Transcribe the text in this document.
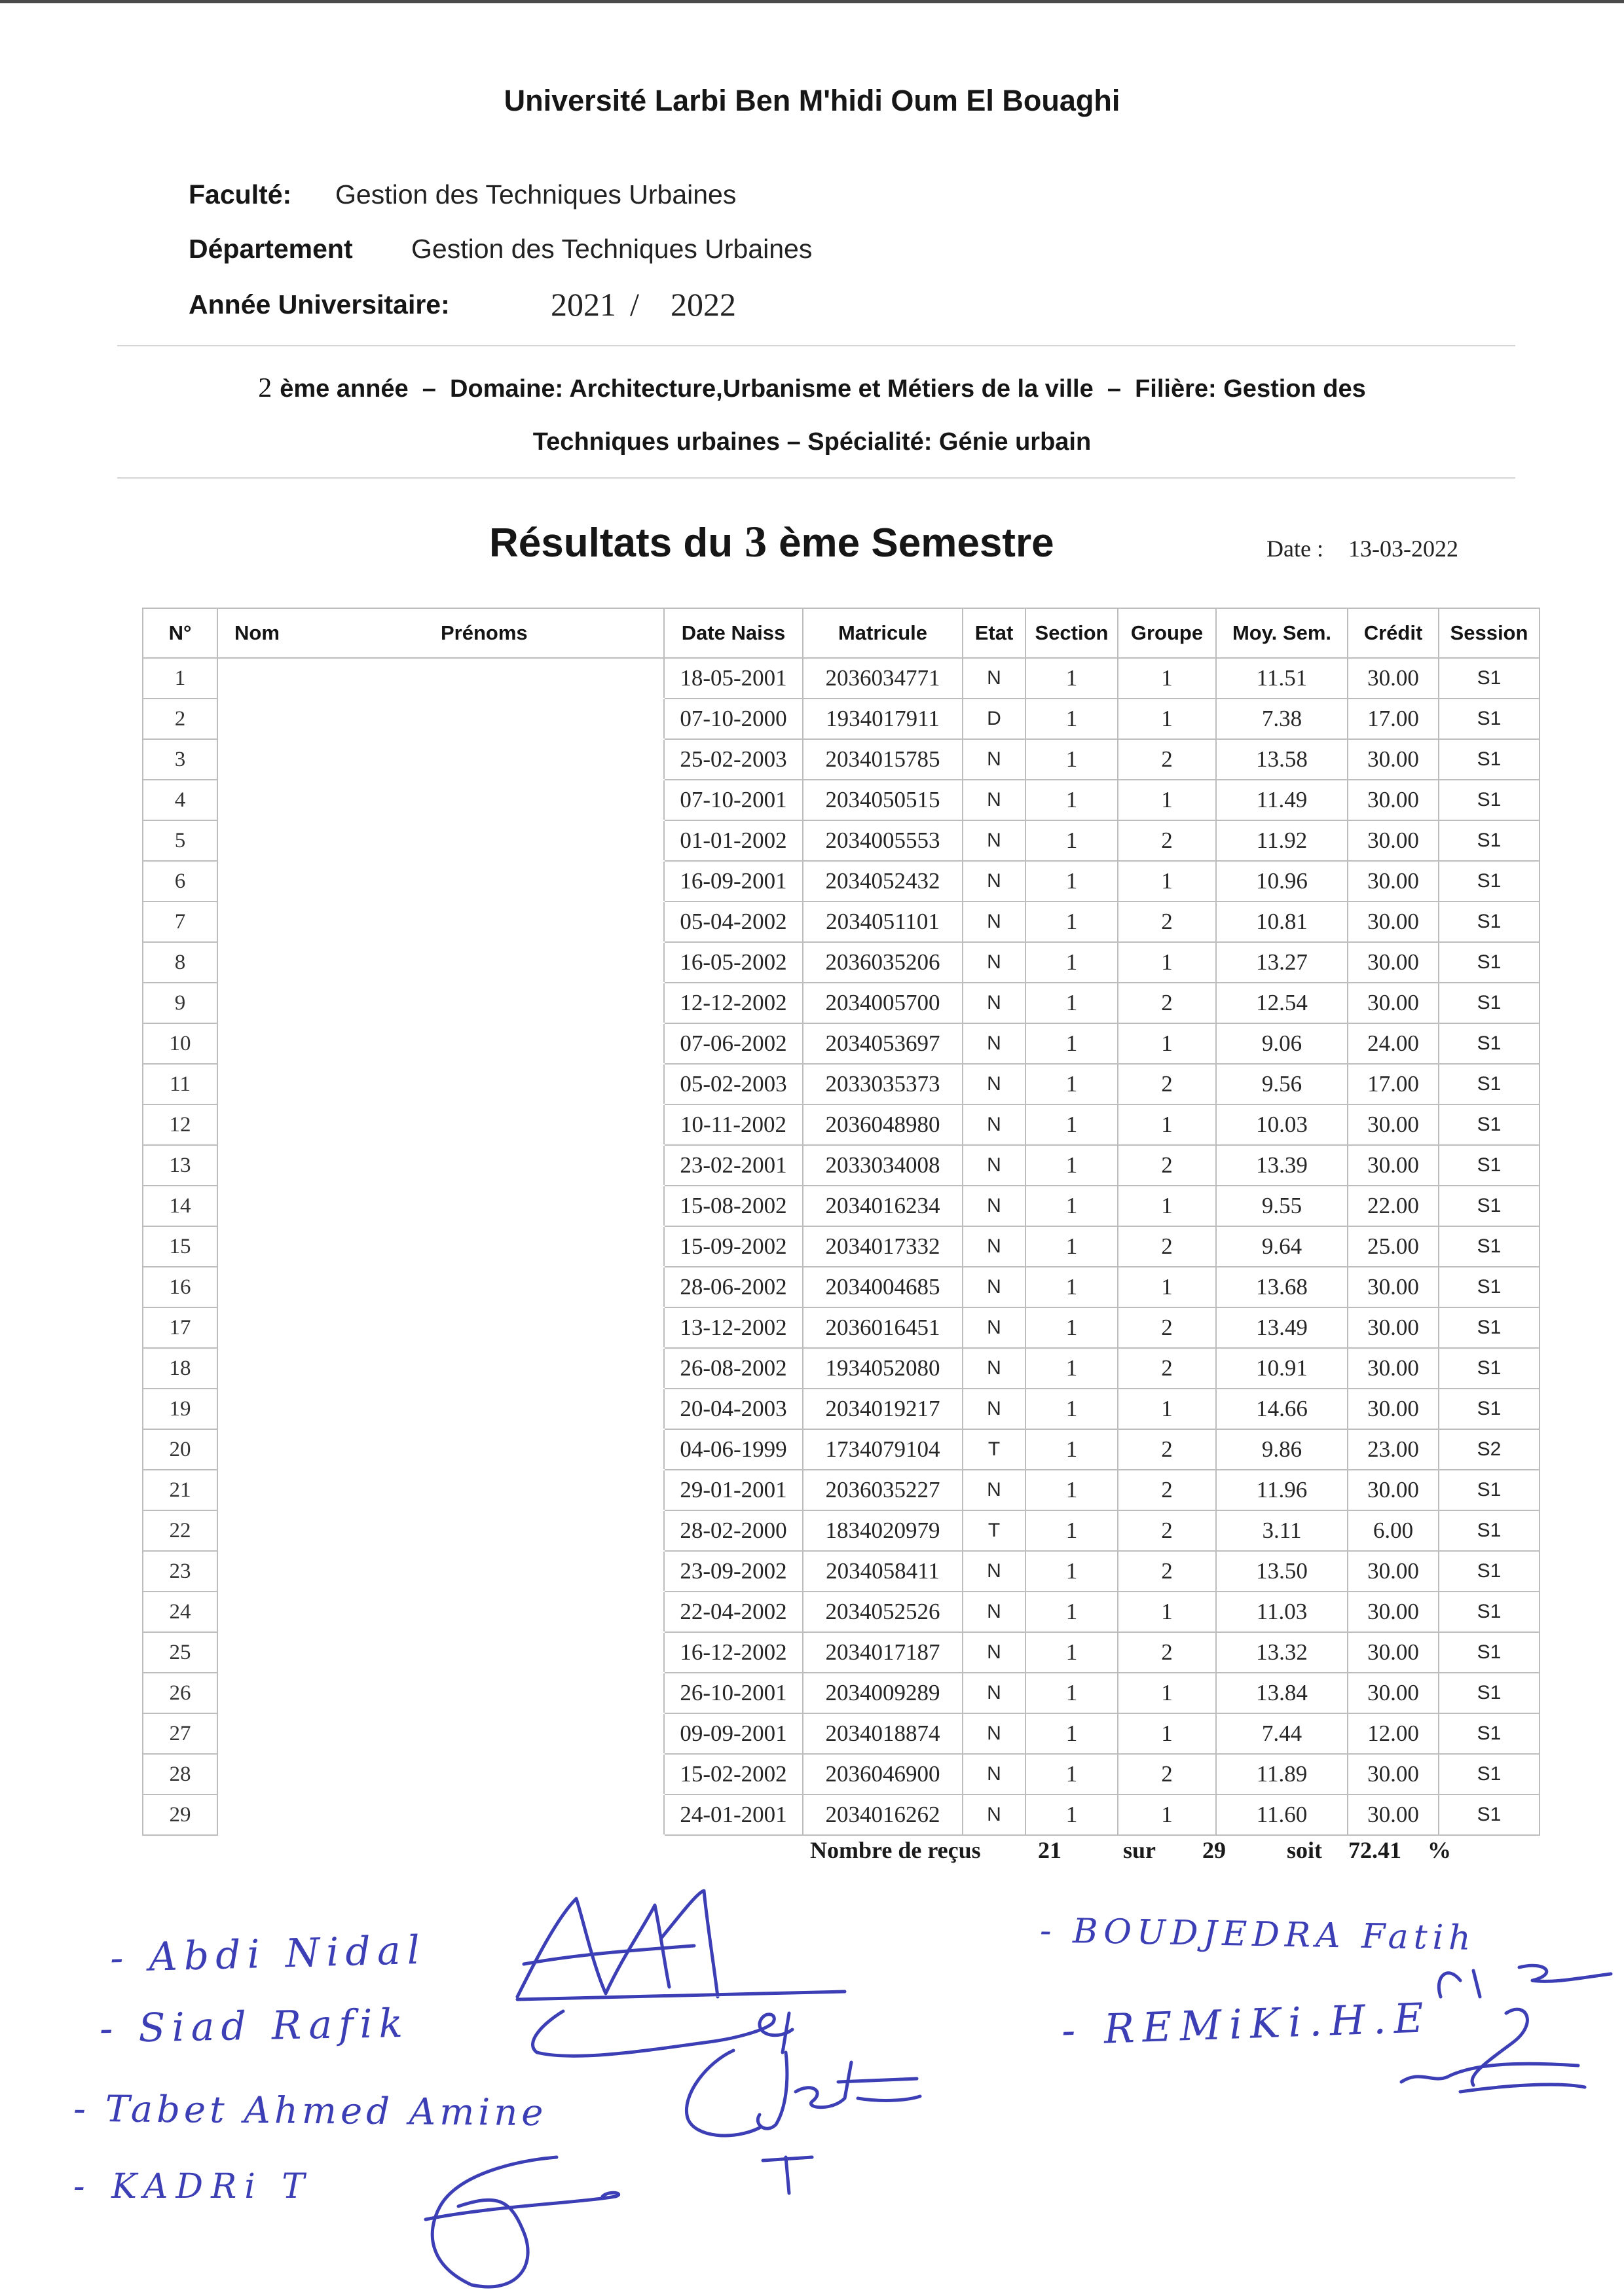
Université Larbi Ben M'hidi Oum El Bouaghi
Faculté: Gestion des Techniques Urbaines
Département Gestion des Techniques Urbaines
Année Universitaire:	2021 / 2022
2 ème année  –  Domaine: Architecture,Urbanisme et Métiers de la ville  –  Filière: Gestion des
Techniques urbaines – Spécialité: Génie urbain
Résultats du 3 ème Semestre	Date : 13-03-2022
N°	Nom Prénoms	Date Naiss	Matricule	Etat	Section	Groupe	Moy. Sem.	Crédit	Session
1		18-05-2001	2036034771	N	1	1	11.51	30.00	S1
2		07-10-2000	1934017911	D	1	1	7.38	17.00	S1
3		25-02-2003	2034015785	N	1	2	13.58	30.00	S1
4		07-10-2001	2034050515	N	1	1	11.49	30.00	S1
5		01-01-2002	2034005553	N	1	2	11.92	30.00	S1
6		16-09-2001	2034052432	N	1	1	10.96	30.00	S1
7		05-04-2002	2034051101	N	1	2	10.81	30.00	S1
8		16-05-2002	2036035206	N	1	1	13.27	30.00	S1
9		12-12-2002	2034005700	N	1	2	12.54	30.00	S1
10		07-06-2002	2034053697	N	1	1	9.06	24.00	S1
11		05-02-2003	2033035373	N	1	2	9.56	17.00	S1
12		10-11-2002	2036048980	N	1	1	10.03	30.00	S1
13		23-02-2001	2033034008	N	1	2	13.39	30.00	S1
14		15-08-2002	2034016234	N	1	1	9.55	22.00	S1
15		15-09-2002	2034017332	N	1	2	9.64	25.00	S1
16		28-06-2002	2034004685	N	1	1	13.68	30.00	S1
17		13-12-2002	2036016451	N	1	2	13.49	30.00	S1
18		26-08-2002	1934052080	N	1	2	10.91	30.00	S1
19		20-04-2003	2034019217	N	1	1	14.66	30.00	S1
20		04-06-1999	1734079104	T	1	2	9.86	23.00	S2
21		29-01-2001	2036035227	N	1	2	11.96	30.00	S1
22		28-02-2000	1834020979	T	1	2	3.11	6.00	S1
23		23-09-2002	2034058411	N	1	2	13.50	30.00	S1
24		22-04-2002	2034052526	N	1	1	11.03	30.00	S1
25		16-12-2002	2034017187	N	1	2	13.32	30.00	S1
26		26-10-2001	2034009289	N	1	1	13.84	30.00	S1
27		09-09-2001	2034018874	N	1	1	7.44	12.00	S1
28		15-02-2002	2036046900	N	1	2	11.89	30.00	S1
29		24-01-2001	2034016262	N	1	1	11.60	30.00	S1
Nombre de reçus 21	sur 29	soit 72.41 %
- Abdi Nidal
- Siad Rafik
- Tabet Ahmed Amine
- KADRi T
- BOUDJEDRA Fatih
- REMiKi.H.E
